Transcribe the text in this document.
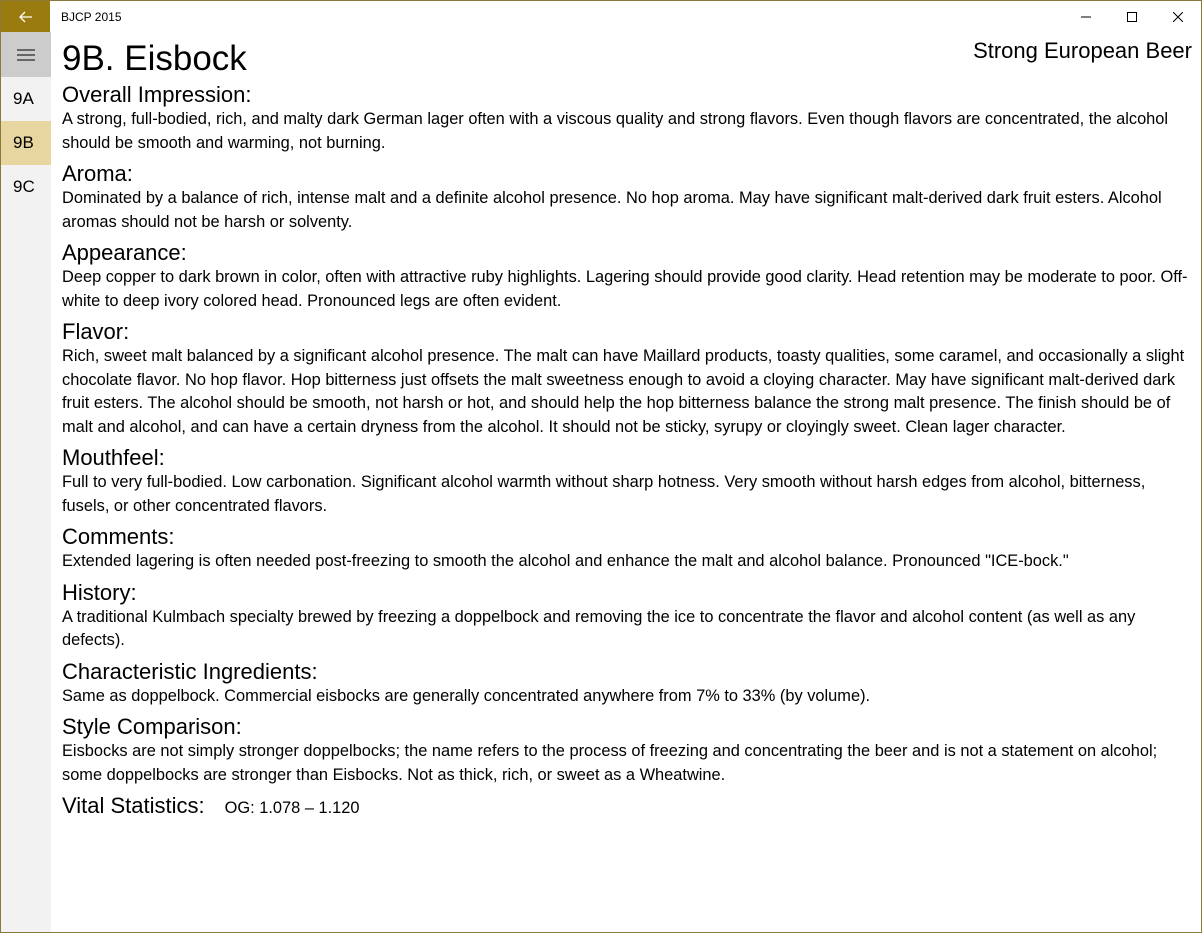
BJCP 2015
9A
9B
9C
9B. Eisbock	Strong European Beer
Overall Impression:
A strong, full-bodied, rich, and malty dark German lager often with a viscous quality and strong flavors. Even though flavors are concentrated, the alcohol should be smooth and warming, not burning.
Aroma:
Dominated by a balance of rich, intense malt and a definite alcohol presence. No hop aroma. May have significant malt-derived dark fruit esters. Alcohol aromas should not be harsh or solventy.
Appearance:
Deep copper to dark brown in color, often with attractive ruby highlights. Lagering should provide good clarity. Head retention may be moderate to poor. Off-white to deep ivory colored head. Pronounced legs are often evident.
Flavor:
Rich, sweet malt balanced by a significant alcohol presence. The malt can have Maillard products, toasty qualities, some caramel, and occasionally a slight chocolate flavor. No hop flavor. Hop bitterness just offsets the malt sweetness enough to avoid a cloying character. May have significant malt-derived dark fruit esters. The alcohol should be smooth, not harsh or hot, and should help the hop bitterness balance the strong malt presence. The finish should be of malt and alcohol, and can have a certain dryness from the alcohol. It should not be sticky, syrupy or cloyingly sweet. Clean lager character.
Mouthfeel:
Full to very full-bodied. Low carbonation. Significant alcohol warmth without sharp hotness. Very smooth without harsh edges from alcohol, bitterness, fusels, or other concentrated flavors.
Comments:
Extended lagering is often needed post-freezing to smooth the alcohol and enhance the malt and alcohol balance. Pronounced "ICE-bock."
History:
A traditional Kulmbach specialty brewed by freezing a doppelbock and removing the ice to concentrate the flavor and alcohol content (as well as any defects).
Characteristic Ingredients:
Same as doppelbock. Commercial eisbocks are generally concentrated anywhere from 7% to 33% (by volume).
Style Comparison:
Eisbocks are not simply stronger doppelbocks; the name refers to the process of freezing and concentrating the beer and is not a statement on alcohol; some doppelbocks are stronger than Eisbocks. Not as thick, rich, or sweet as a Wheatwine.
Vital Statistics: OG: 1.078 – 1.120
